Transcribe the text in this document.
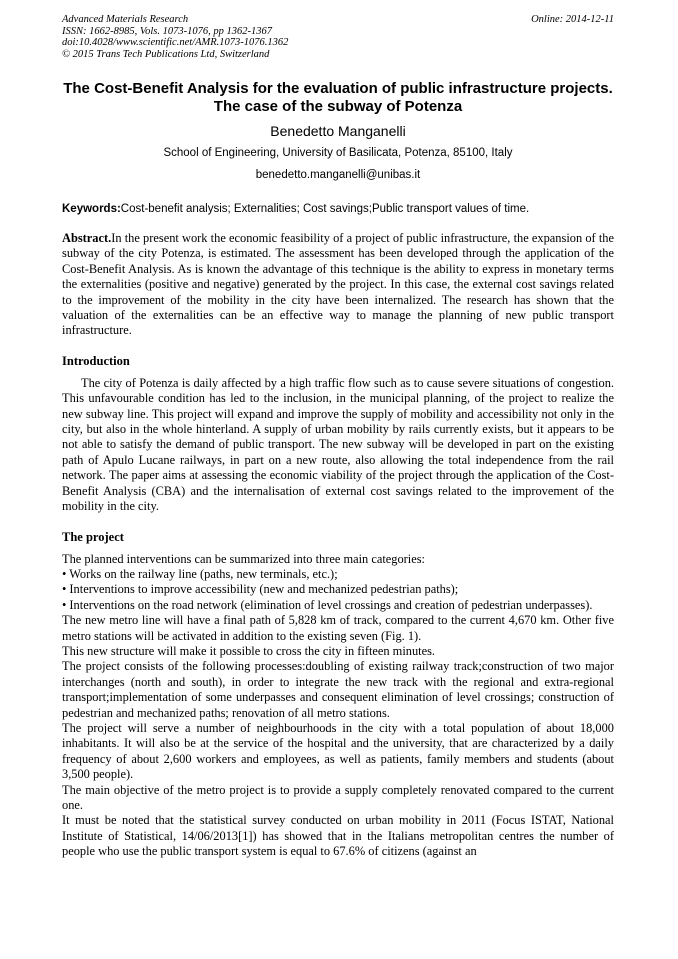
Advanced Materials Research
ISSN: 1662-8985, Vols. 1073-1076, pp 1362-1367
doi:10.4028/www.scientific.net/AMR.1073-1076.1362
© 2015 Trans Tech Publications Ltd, Switzerland
Online: 2014-12-11
The Cost-Benefit Analysis for the evaluation of public infrastructure projects. The case of the subway of Potenza
Benedetto Manganelli
School of Engineering, University of Basilicata, Potenza, 85100, Italy
benedetto.manganelli@unibas.it
Keywords:Cost-benefit analysis; Externalities; Cost savings;Public transport values of time.

Abstract.In the present work the economic feasibility of a project of public infrastructure, the expansion of the subway of the city Potenza, is estimated. The assessment has been developed through the application of the Cost-Benefit Analysis. As is known the advantage of this technique is the ability to express in monetary terms the externalities (positive and negative) generated by the project. In this case, the external cost savings related to the improvement of the mobility in the city have been internalized. The research has shown that the valuation of the externalities can be an effective way to manage the planning of new public transport infrastructure.

Introduction

The city of Potenza is daily affected by a high traffic flow such as to cause severe situations of congestion. This unfavourable condition has led to the inclusion, in the municipal planning, of the project to realize the new subway line. This project will expand and improve the supply of mobility and accessibility not only in the city, but also in the whole hinterland. A supply of urban mobility by rails currently exists, but it appears to be not able to satisfy the demand of public transport. The new subway will be developed in part on the existing path of Apulo Lucane railways, in part on a new route, also allowing the total independence from the rail network. The paper aims at assessing the economic viability of the project through the application of the Cost-Benefit Analysis (CBA) and the internalisation of external cost savings related to the improvement of the mobility in the city.

The project

The planned interventions can be summarized into three main categories:

• Works on the railway line (paths, new terminals, etc.);

• Interventions to improve accessibility (new and mechanized pedestrian paths);

• Interventions on the road network (elimination of level crossings and creation of pedestrian underpasses).

The new metro line will have a final path of 5,828 km of track, compared to the current 4,670 km. Other five metro stations will be activated in addition to the existing seven (Fig. 1).

This new structure will make it possible to cross the city in fifteen minutes.

The project consists of the following processes:doubling of existing railway track;construction of two major interchanges (north and south), in order to integrate the new track with the regional and extra-regional transport;implementation of some underpasses and consequent elimination of level crossings; construction of pedestrian and mechanized paths; renovation of all metro stations.

The project will serve a number of neighbourhoods in the city with a total population of about 18,000 inhabitants. It will also be at the service of the hospital and the university, that are characterized by a daily frequency of about 2,600 workers and employees, as well as patients, family members and students (about 3,500 people).

The main objective of the metro project is to provide a supply completely renovated compared to the current one.

It must be noted that the statistical survey conducted on urban mobility in 2011 (Focus ISTAT, National Institute of Statistical, 14/06/2013[1]) has showed that in the Italians metropolitan centres the number of people who use the public transport system is equal to 67.6% of citizens (against an
